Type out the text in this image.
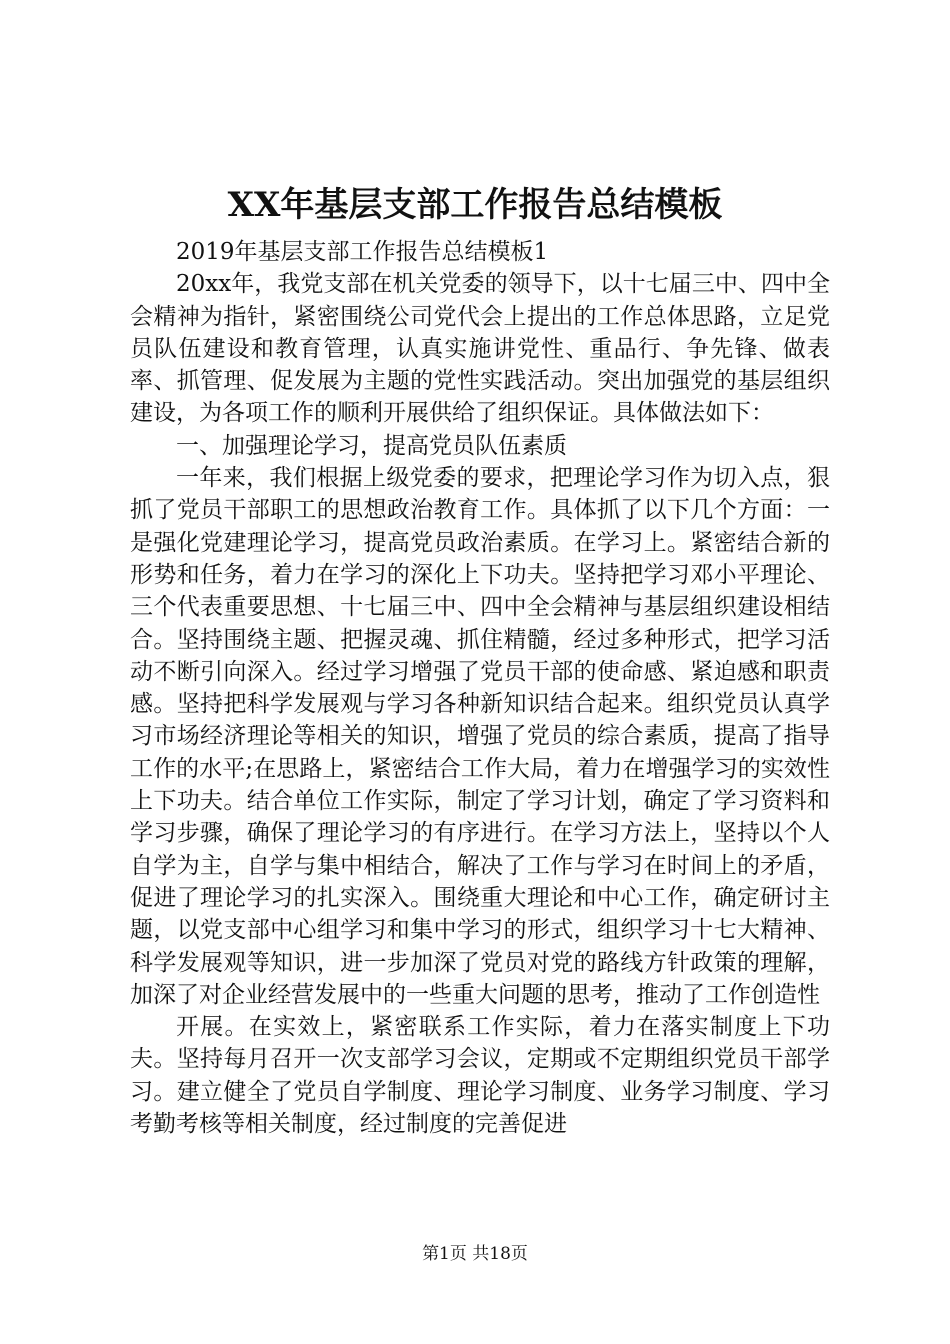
XX年基层支部工作报告总结模板

2019年基层支部工作报告总结模板1

20xx年，我党支部在机关党委的领导下，以十七届三中、四中全会精神为指针，紧密围绕公司党代会上提出的工作总体思路，立足党员队伍建设和教育管理，认真实施讲党性、重品行、争先锋、做表率、抓管理、促发展为主题的党性实践活动。突出加强党的基层组织建设，为各项工作的顺利开展供给了组织保证。具体做法如下：

一、加强理论学习，提高党员队伍素质

一年来，我们根据上级党委的要求，把理论学习作为切入点，狠抓了党员干部职工的思想政治教育工作。具体抓了以下几个方面：一是强化党建理论学习，提高党员政治素质。在学习上。紧密结合新的形势和任务，着力在学习的深化上下功夫。坚持把学习邓小平理论、三个代表重要思想、十七届三中、四中全会精神与基层组织建设相结合。坚持围绕主题、把握灵魂、抓住精髓，经过多种形式，把学习活动不断引向深入。经过学习增强了党员干部的使命感、紧迫感和职责感。坚持把科学发展观与学习各种新知识结合起来。组织党员认真学习市场经济理论等相关的知识，增强了党员的综合素质，提高了指导工作的水平;在思路上，紧密结合工作大局，着力在增强学习的实效性上下功夫。结合单位工作实际，制定了学习计划，确定了学习资料和学习步骤，确保了理论学习的有序进行。在学习方法上，坚持以个人自学为主，自学与集中相结合，解决了工作与学习在时间上的矛盾，促进了理论学习的扎实深入。围绕重大理论和中心工作，确定研讨主题，以党支部中心组学习和集中学习的形式，组织学习十七大精神、科学发展观等知识，进一步加深了党员对党的路线方针政策的理解，加深了对企业经营发展中的一些重大问题的思考，推动了工作创造性

开展。在实效上，紧密联系工作实际，着力在落实制度上下功夫。坚持每月召开一次支部学习会议，定期或不定期组织党员干部学习。建立健全了党员自学制度、理论学习制度、业务学习制度、学习考勤考核等相关制度，经过制度的完善促进

第1页 共18页
